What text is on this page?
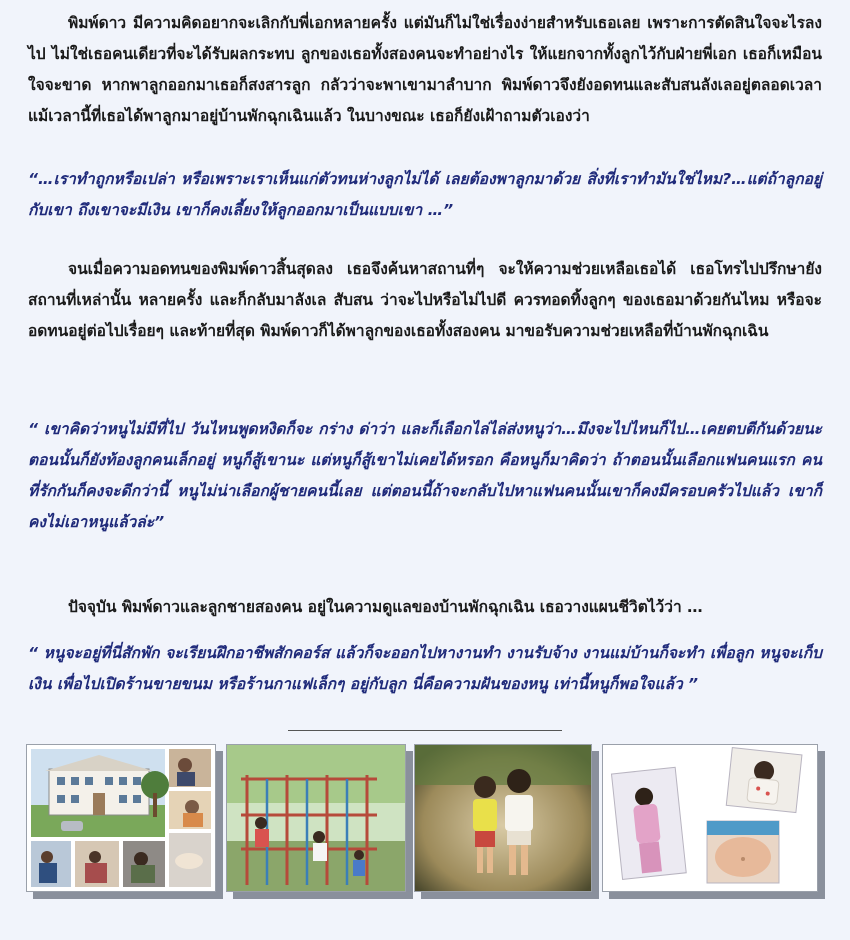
พิมพ์ดาว มีความคิดอยากจะเลิกกับพี่เอกหลายครั้ง แต่มันก็ไม่ใช่เรื่องง่ายสำหรับเธอเลย เพราะการตัดสินใจจะไรลงไป ไม่ใช่เธอคนเดียวที่จะได้รับผลกระทบ ลูกของเธอทั้งสองคนจะทำอย่างไร ให้แยกจากทั้งลูกไว้กับฝ่ายพี่เอก เธอก็เหมือนใจจะขาด หากพาลูกออกมาเธอก็สงสารลูก กลัวว่าจะพาเขามาลำบาก พิมพ์ดาวจึงยังอดทนและสับสนลังเลอยู่ตลอดเวลา แม้เวลานี้ที่เธอได้พาลูกมาอยู่บ้านพักฉุกเฉินแล้ว ในบางขณะ เธอก็ยังเฝ้าถามตัวเองว่า

“…เราทำถูกหรือเปล่า หรือเพราะเราเห็นแก่ตัวทนห่างลูกไม่ได้ เลยต้องพาลูกมาด้วย สิ่งที่เราทำมันใช่ไหม?…แต่ถ้าลูกอยู่กับเขา ถึงเขาจะมีเงิน เขาก็คงเลี้ยงให้ลูกออกมาเป็นแบบเขา …”

จนเมื่อความอดทนของพิมพ์ดาวสิ้นสุดลง เธอจึงค้นหาสถานที่ๆ จะให้ความช่วยเหลือเธอได้ เธอโทรไปปรึกษายังสถานที่เหล่านั้น หลายครั้ง และก็กลับมาลังเล สับสน ว่าจะไปหรือไม่ไปดี ควรทอดทิ้งลูกๆ ของเธอมาด้วยกันไหม หรือจะอดทนอยู่ต่อไปเรื่อยๆ และท้ายที่สุด พิมพ์ดาวก็ได้พาลูกของเธอทั้งสองคน มาขอรับความช่วยเหลือที่บ้านพักฉุกเฉิน

“ เขาคิดว่าหนูไม่มีที่ไป วันไหนพูดหงิดก็จะ กร่าง ด่าว่า และก็เลือกไล่ไล่ส่งหนูว่า…มึงจะไปไหนก็ไป…เคยตบตีกันด้วยนะ ตอนนั้นก็ยังท้องลูกคนเล็กอยู่ หนูก็สู้เขานะ แต่หนูก็สู้เขาไม่เคยได้หรอก คือหนูก็มาคิดว่า ถ้าตอนนั้นเลือกแฟนคนแรก คนที่รักกันก็คงจะดีกว่านี้ หนูไม่น่าเลือกผู้ชายคนนี้เลย แต่ตอนนี้ถ้าจะกลับไปหาแฟนคนนั้นเขาก็คงมีครอบครัวไปแล้ว เขาก็คงไม่เอาหนูแล้วล่ะ”

ปัจจุบัน พิมพ์ดาวและลูกชายสองคน อยู่ในความดูแลของบ้านพักฉุกเฉิน เธอวางแผนชีวิตไว้ว่า …

“ หนูจะอยู่ที่นี่สักพัก จะเรียนฝึกอาชีพสักคอร์ส แล้วก็จะออกไปหางานทำ งานรับจ้าง งานแม่บ้านก็จะทำ เพื่อลูก หนูจะเก็บเงิน เพื่อไปเปิดร้านขายขนม หรือร้านกาแฟเล็กๆ อยู่กับลูก นี่คือความฝันของหนู เท่านี้หนูก็พอใจแล้ว ”
